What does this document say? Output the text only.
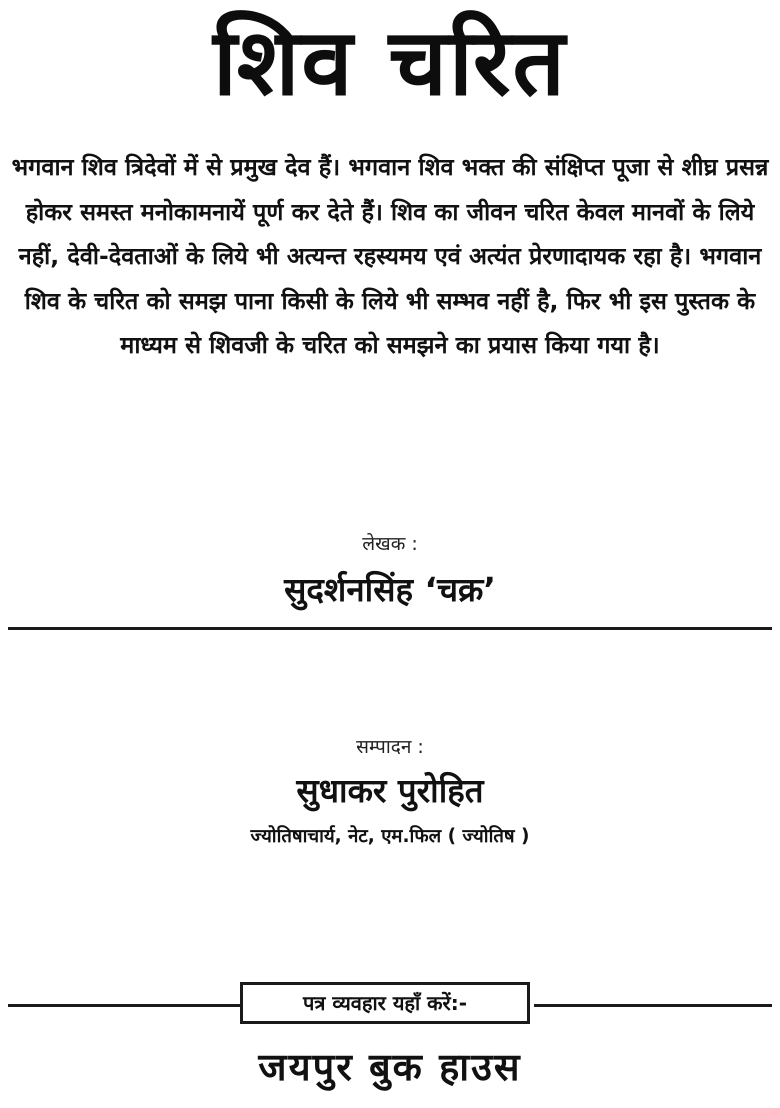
शिव चरित
भगवान शिव त्रिदेवों में से प्रमुख देव हैं। भगवान शिव भक्त की संक्षिप्त पूजा से शीघ्र प्रसन्न होकर समस्त मनोकामनायें पूर्ण कर देते हैं। शिव का जीवन चरित केवल मानवों के लिये नहीं, देवी-देवताओं के लिये भी अत्यन्त रहस्यमय एवं अत्यंत प्रेरणादायक रहा है। भगवान शिव के चरित को समझ पाना किसी के लिये भी सम्भव नहीं है, फिर भी इस पुस्तक के माध्यम से शिवजी के चरित को समझने का प्रयास किया गया है।
लेखक :
सुदर्शनसिंह ‘चक्र’
सम्पादन :
सुधाकर पुरोहित
ज्योतिषाचार्य, नेट, एम.फिल ( ज्योतिष )
पत्र व्यवहार यहाँ करें:-
जयपुर बुक हाउस
